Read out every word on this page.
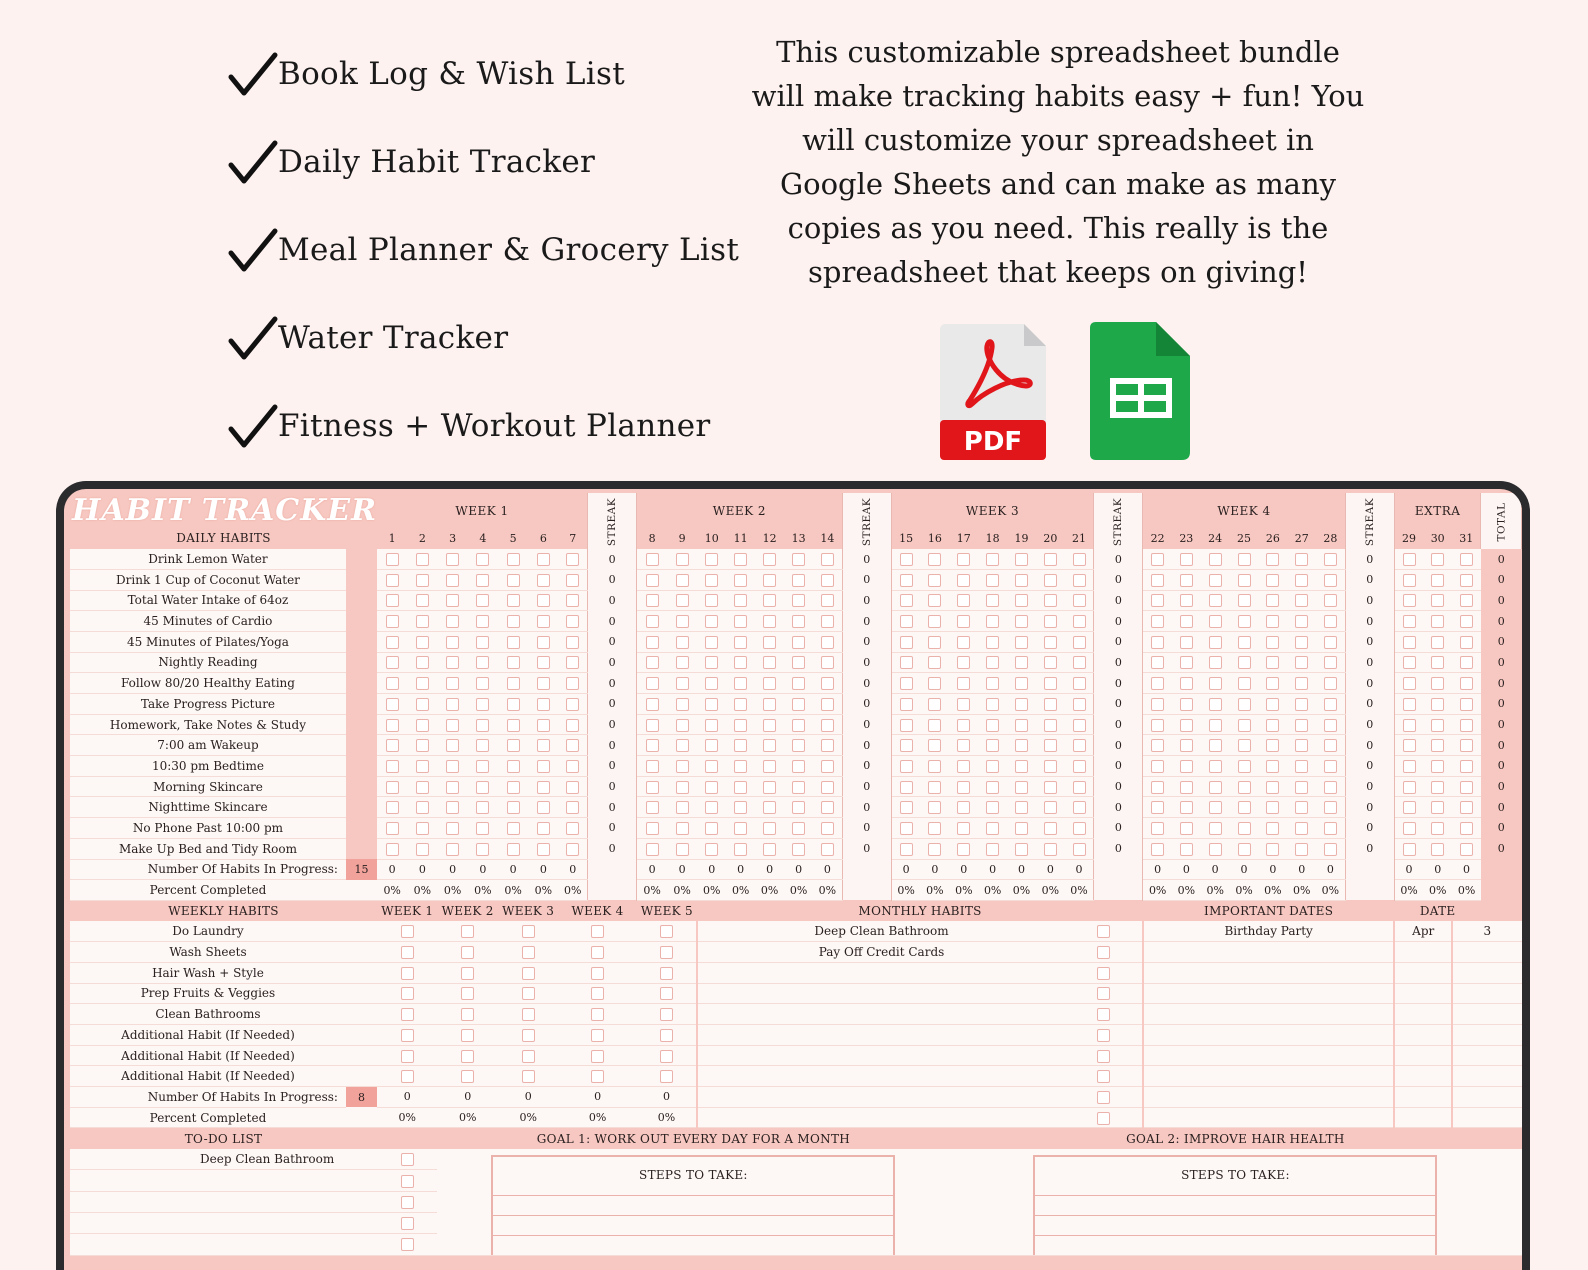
Book Log & Wish List
Daily Habit Tracker
Meal Planner & Grocery List
Water Tracker
Fitness + Workout Planner

This customizable spreadsheet bundle will make tracking habits easy + fun! You will customize your spreadsheet in Google Sheets and can make as many copies as you need. This really is the spreadsheet that keeps on giving!

PDF
HABIT TRACKER		WEEK 1							STREAK	WEEK 2							STREAK	WEEK 3							STREAK	WEEK 4							STREAK	EXTRA			TOTAL
DAILY HABITS		1	2	3	4	5	6	7		8	9	10	11	12	13	14		15	16	17	18	19	20	21		22	23	24	25	26	27	28		29	30	31	
Drink Lemon Water									0								0								0								0				0
Drink 1 Cup of Coconut Water									0								0								0								0				0
Total Water Intake of 64oz									0								0								0								0				0
45 Minutes of Cardio									0								0								0								0				0
45 Minutes of Pilates/Yoga									0								0								0								0				0
Nightly Reading									0								0								0								0				0
Follow 80/20 Healthy Eating									0								0								0								0				0
Take Progress Picture									0								0								0								0				0
Homework, Take Notes & Study									0								0								0								0				0
7:00 am Wakeup									0								0								0								0				0
10:30 pm Bedtime									0								0								0								0				0
Morning Skincare									0								0								0								0				0
Nighttime Skincare									0								0								0								0				0
No Phone Past 10:00 pm									0								0								0								0				0
Make Up Bed and Tidy Room									0								0								0								0				0
Number Of Habits In Progress:	15	0	0	0	0	0	0	0		0	0	0	0	0	0	0		0	0	0	0	0	0	0		0	0	0	0	0	0	0		0	0	0	
Percent Completed		0%	0%	0%	0%	0%	0%	0%		0%	0%	0%	0%	0%	0%	0%		0%	0%	0%	0%	0%	0%	0%		0%	0%	0%	0%	0%	0%	0%		0%	0%	0%	
WEEKLY HABITS		WEEK 1		WEEK 2		WEEK 3		WEEK 4		WEEK 5		MONTHLY HABITS														IMPORTANT DATES								DATE			
Do Laundry												Deep Clean Bathroom														Birthday Party								Apr		3	
Wash Sheets												Pay Off Credit Cards																									
Hair Wash + Style																																					
Prep Fruits & Veggies																																					
Clean Bathrooms																																					
Additional Habit (If Needed)																																					
Additional Habit (If Needed)																																					
Additional Habit (If Needed)																																					
Number Of Habits In Progress:	8	0		0		0		0		0																											
Percent Completed		0%		0%		0%		0%		0%																											
TO-DO LIST				GOAL 1: WORK OUT EVERY DAY FOR A MONTH																GOAL 2: IMPROVE HAIR HEALTH																	
Deep Clean Bathroom				STEPS TO TAKE:																STEPS TO TAKE:																	
